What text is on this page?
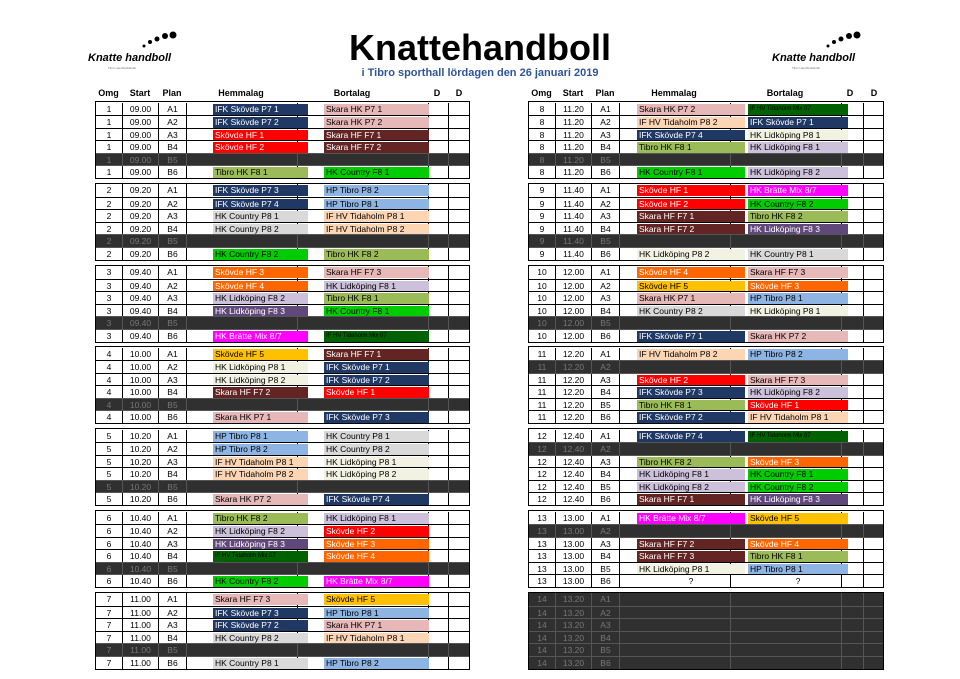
Knattehandboll
i Tibro sporthall lördagen den 26 januari 2019
Knatte handboll
Tibro Handbollsklubb
Knatte handboll
Tibro Handbollsklubb
Omg	Start	Plan	Hemmalag	Bortalag	D	D	Omg	Start	Plan	Hemmalag	Bortalag	D	D
1	09.00	A1	IFK Skövde P7 1	Skara HK P7 1
1	09.00	A2	IFK Skövde P7 2	Skara HK P7 2
1	09.00	A3	Skövde HF 1	Skara HF F7 1
1	09.00	B4	Skövde HF 2	Skara HF F7 2
1	09.00	B5
1	09.00	B6	Tibro HK F8 1	HK Country F8 1
2	09.20	A1	IFK Skövde P7 3	HP Tibro P8 2
2	09.20	A2	IFK Skövde P7 4	HP Tibro P8 1
2	09.20	A3	HK Country P8 1	IF HV Tidaholm P8 1
2	09.20	B4	HK Country P8 2	IF HV Tidaholm P8 2
2	09.20	B5
2	09.20	B6	HK Country F8 2	Tibro HK F8 2
3	09.40	A1	Skövde HF 3	Skara HF F7 3
3	09.40	A2	Skövde HF 4	HK Lidköping F8 1
3	09.40	A3	HK Lidköping F8 2	Tibro HK F8 1
3	09.40	B4	HK Lidköping F8 3	HK Country F8 1
3	09.40	B5
3	09.40	B6	HK Brätte Mix 8/7	IF HV Tidaholm Mix 07
4	10.00	A1	Skövde HF 5	Skara HF F7 1
4	10.00	A2	HK Lidköping P8 1	IFK Skövde P7 1
4	10.00	A3	HK Lidköping P8 2	IFK Skövde P7 2
4	10.00	B4	Skara HF F7 2	Skövde HF 1
4	10.00	B5
4	10.00	B6	Skara HK P7 1	IFK Skövde P7 3
5	10.20	A1	HP Tibro P8 1	HK Country P8 1
5	10.20	A2	HP Tibro P8 2	HK Country P8 2
5	10.20	A3	IF HV Tidaholm P8 1	HK Lidköping P8 1
5	10.20	B4	IF HV Tidaholm P8 2	HK Lidköping P8 2
5	10.20	B5
5	10.20	B6	Skara HK P7 2	IFK Skövde P7 4
6	10.40	A1	Tibro HK F8 2	HK Lidköping F8 1
6	10.40	A2	HK Lidköping F8 2	Skövde HF 2
6	10.40	A3	HK Lidköping F8 3	Skövde HF 3
6	10.40	B4	IF HV Tidaholm Mix 07	Skövde HF 4
6	10.40	B5
6	10.40	B6	HK Country F8 2	HK Brätte Mix 8/7
7	11.00	A1	Skara HF F7 3	Skövde HF 5
7	11.00	A2	IFK Skövde P7 3	HP Tibro P8 1
7	11.00	A3	IFK Skövde P7 2	Skara HK P7 1
7	11.00	B4	HK Country P8 2	IF HV Tidaholm P8 1
7	11.00	B5
7	11.00	B6	HK Country P8 1	HP Tibro P8 2
8	11.20	A1	Skara HK P7 2	IF HV Tidaholm Mix 07
8	11.20	A2	IF HV Tidaholm P8 2	IFK Skövde P7 1
8	11.20	A3	IFK Skövde P7 4	HK Lidköping P8 1
8	11.20	B4	Tibro HK F8 1	HK Lidköping F8 1
8	11.20	B5
8	11.20	B6	HK Country F8 1	HK Lidköping F8 2
9	11.40	A1	Skövde HF 1	HK Brätte Mix 8/7
9	11.40	A2	Skövde HF 2	HK Country F8 2
9	11.40	A3	Skara HF F7 1	Tibro HK F8 2
9	11.40	B4	Skara HF F7 2	HK Lidköping F8 3
9	11.40	B5
9	11.40	B6	HK Lidköping P8 2	HK Country P8 1
10	12.00	A1	Skövde HF 4	Skara HF F7 3
10	12.00	A2	Skövde HF 5	Skövde HF 3
10	12.00	A3	Skara HK P7 1	HP Tibro P8 1
10	12.00	B4	HK Country P8 2	HK Lidköping P8 1
10	12.00	B5
10	12.00	B6	IFK Skövde P7 1	Skara HK P7 2
11	12.20	A1	IF HV Tidaholm P8 2	HP Tibro P8 2
11	12.20	A2
11	12.20	A3	Skövde HF 2	Skara HF F7 3
11	12.20	B4	IFK Skövde P7 3	HK Lidköping F8 2
11	12.20	B5	Tibro HK F8 1	Skövde HF 1
11	12.20	B6	IFK Skövde P7 2	IF HV Tidaholm P8 1
12	12.40	A1	IFK Skövde P7 4	IF HV Tidaholm Mix 07
12	12.40	A2
12	12.40	A3	Tibro HK F8 2	Skövde HF 3
12	12.40	B4	HK Lidköping F8 1	HK Country F8 1
12	12.40	B5	HK Lidköping F8 2	HK Country F8 2
12	12.40	B6	Skara HF F7 1	HK Lidköping F8 3
13	13.00	A1	HK Brätte Mix 8/7	Skövde HF 5
13	13.00	A2
13	13.00	A3	Skara HF F7 2	Skövde HF 4
13	13.00	B4	Skara HF F7 3	Tibro HK F8 1
13	13.00	B5	HK Lidköping P8 1	HP Tibro P8 1
13	13.00	B6	?	?
14	13.20	A1
14	13.20	A2
14	13.20	A3
14	13.20	B4
14	13.20	B5
14	13.20	B6
